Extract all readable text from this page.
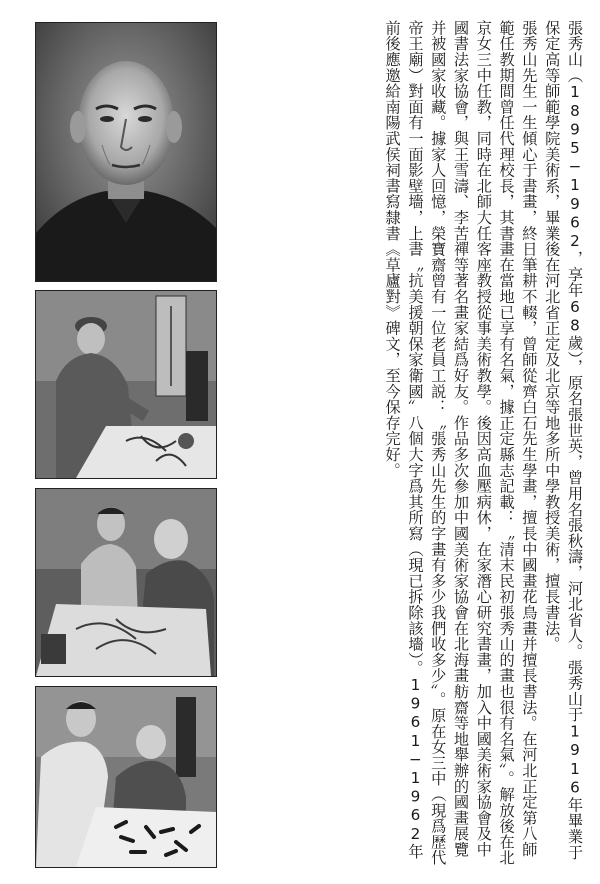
張秀山（1895−1962，享年68歲），原名張世英，曾用名張秋濤，河北省人。張秀山于1916年畢業于保定高等師範學院美術系，畢業後在河北省正定及北京等地多所中學教授美術，擅長書法。

張秀山先生一生傾心于書畫，終日筆耕不輟，曾師從齊白石先生學畫，擅長中國畫花鳥畫并擅長書法。在河北正定第八師範任教期間曾任代理校長，其書畫在當地已享有名氣，據正定縣志記載：〝清末民初張秀山的畫也很有名氣〞。解放後在北京女三中任教，同時在北師大任客座教授從事美術教學。後因高血壓病休，在家潛心研究書畫，加入中國美術家協會及中國書法家協會，與王雪濤、李苦禪等著名畫家結爲好友。作品多次參加中國美術家協會在北海畫舫齋等地舉辦的國畫展覽并被國家收藏。據家人回憶，榮寶齋曾有一位老員工説：〝張秀山先生的字畫有多少我們收多少〞。原在女三中（現爲歷代帝王廟）對面有一面影壁墻，上書〝抗美援朝保家衛國〞八個大字爲其所寫（現已拆除該墻）。1961−1962年前後應邀給南陽武侯祠書寫隸書《草廬對》碑文，至今保存完好。
